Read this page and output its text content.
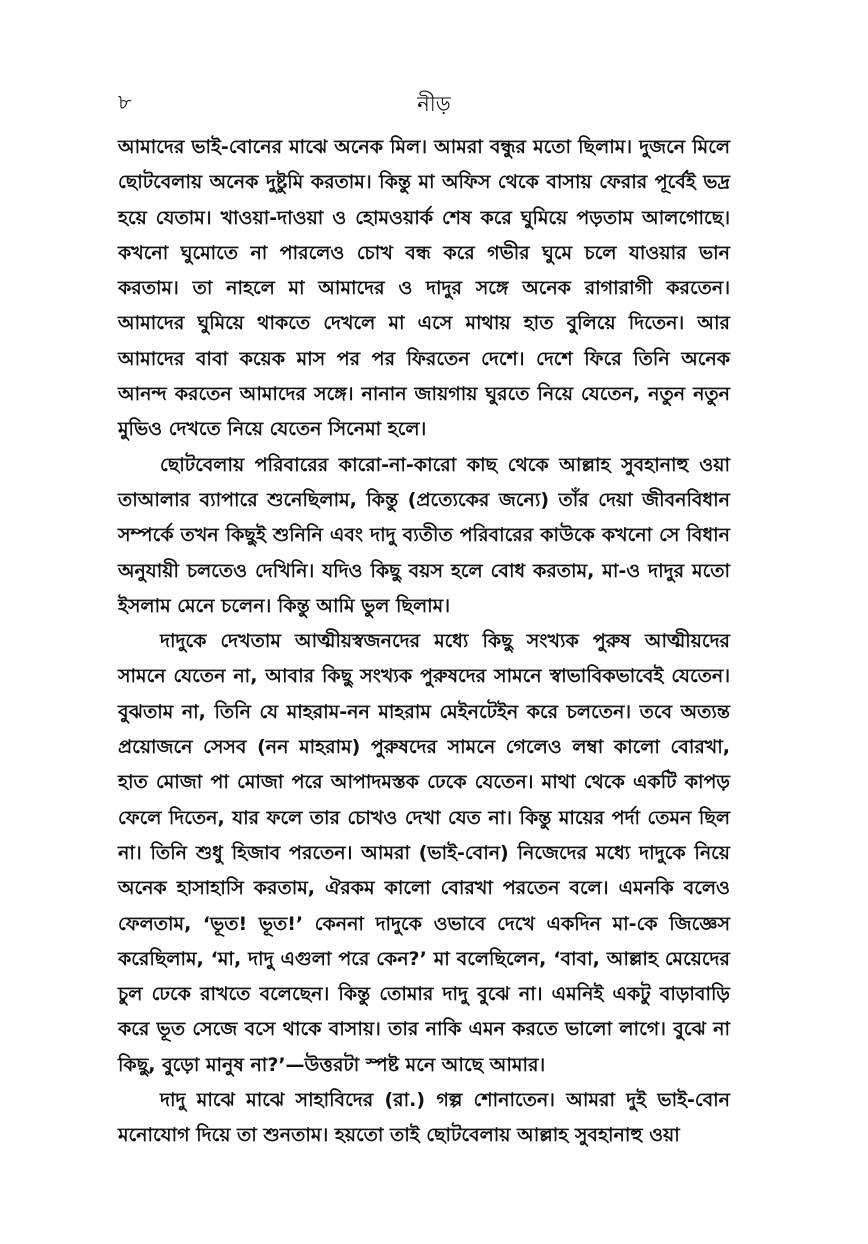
৮	নীড়

আমাদের ভাই-বোনের মাঝে অনেক মিল। আমরা বন্ধুর মতো ছিলাম। দুজনে মিলে ছোটবেলায় অনেক দুষ্টুমি করতাম। কিন্তু মা অফিস থেকে বাসায় ফেরার পূর্বেই ভদ্র হয়ে যেতাম। খাওয়া-দাওয়া ও হোমওয়ার্ক শেষ করে ঘুমিয়ে পড়তাম আলগোছে। কখনো ঘুমোতে না পারলেও চোখ বন্ধ করে গভীর ঘুমে চলে যাওয়ার ভান করতাম। তা নাহলে মা আমাদের ও দাদুর সঙ্গে অনেক রাগারাগী করতেন। আমাদের ঘুমিয়ে থাকতে দেখলে মা এসে মাথায় হাত বুলিয়ে দিতেন। আর আমাদের বাবা কয়েক মাস পর পর ফিরতেন দেশে। দেশে ফিরে তিনি অনেক আনন্দ করতেন আমাদের সঙ্গে। নানান জায়গায় ঘুরতে নিয়ে যেতেন, নতুন নতুন মুভিও দেখতে নিয়ে যেতেন সিনেমা হলে।

ছোটবেলায় পরিবারের কারো-না-কারো কাছ থেকে আল্লাহ সুবহানাহু ওয়া তাআলার ব্যাপারে শুনেছিলাম, কিন্তু (প্রত্যেকের জন্যে) তাঁর দেয়া জীবনবিধান সম্পর্কে তখন কিছুই শুনিনি এবং দাদু ব্যতীত পরিবারের কাউকে কখনো সে বিধান অনুযায়ী চলতেও দেখিনি। যদিও কিছু বয়স হলে বোধ করতাম, মা-ও দাদুর মতো ইসলাম মেনে চলেন। কিন্তু আমি ভুল ছিলাম।

দাদুকে দেখতাম আত্মীয়স্বজনদের মধ্যে কিছু সংখ্যক পুরুষ আত্মীয়দের সামনে যেতেন না, আবার কিছু সংখ্যক পুরুষদের সামনে স্বাভাবিকভাবেই যেতেন। বুঝতাম না, তিনি যে মাহরাম-নন মাহরাম মেইনটেইন করে চলতেন। তবে অত্যন্ত প্রয়োজনে সেসব (নন মাহরাম) পুরুষদের সামনে গেলেও লম্বা কালো বোরখা, হাত মোজা পা মোজা পরে আপাদমস্তক ঢেকে যেতেন। মাথা থেকে একটি কাপড় ফেলে দিতেন, যার ফলে তার চোখও দেখা যেত না। কিন্তু মায়ের পর্দা তেমন ছিল না। তিনি শুধু হিজাব পরতেন। আমরা (ভাই-বোন) নিজেদের মধ্যে দাদুকে নিয়ে অনেক হাসাহাসি করতাম, ঐরকম কালো বোরখা পরতেন বলে। এমনকি বলেও ফেলতাম, ‘ভূত! ভূত!’ কেননা দাদুকে ওভাবে দেখে একদিন মা-কে জিজ্ঞেস করেছিলাম, ‘মা, দাদু এগুলা পরে কেন?’ মা বলেছিলেন, ‘বাবা, আল্লাহ মেয়েদের চুল ঢেকে রাখতে বলেছেন। কিন্তু তোমার দাদু বুঝে না। এমনিই একটু বাড়াবাড়ি করে ভূত সেজে বসে থাকে বাসায়। তার নাকি এমন করতে ভালো লাগে। বুঝে না কিছু, বুড়ো মানুষ না?’—উত্তরটা স্পষ্ট মনে আছে আমার।

দাদু মাঝে মাঝে সাহাবিদের (রা.) গল্প শোনাতেন। আমরা দুই ভাই-বোন মনোযোগ দিয়ে তা শুনতাম। হয়তো তাই ছোটবেলায় আল্লাহ সুবহানাহু ওয়া
